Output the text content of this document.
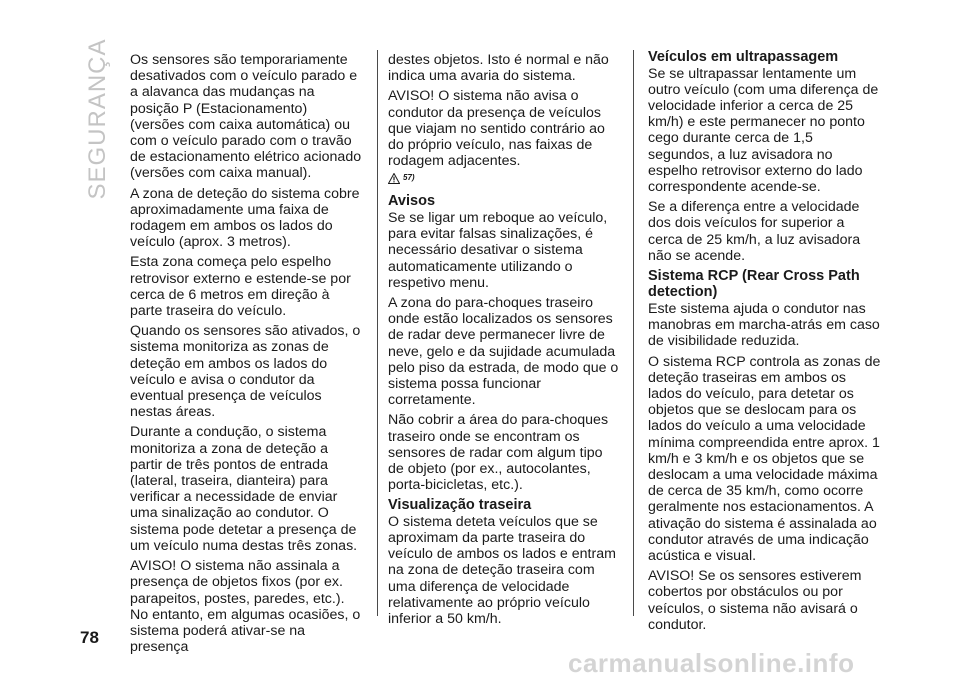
SEGURANÇA Os sensores são temporariamente desativados com o veículo parado e a alavanca das mudanças na posição P (Estacionamento) (versões com caixa automática) ou com o veículo parado com o travão de estacionamento elétrico acionado (versões com caixa manual).

A zona de deteção do sistema cobre aproximadamente uma faixa de rodagem em ambos os lados do veículo (aprox. 3 metros).

Esta zona começa pelo espelho retrovisor externo e estende-se por cerca de 6 metros em direção à parte traseira do veículo.

Quando os sensores são ativados, o sistema monitoriza as zonas de deteção em ambos os lados do veículo e avisa o condutor da eventual presença de veículos nestas áreas.

Durante a condução, o sistema monitoriza a zona de deteção a partir de três pontos de entrada (lateral, traseira, dianteira) para verificar a necessidade de enviar uma sinalização ao condutor. O sistema pode detetar a presença de um veículo numa destas três zonas.

AVISO! O sistema não assinala a presença de objetos fixos (por ex. parapeitos, postes, paredes, etc.).

No entanto, em algumas ocasiões, o sistema poderá ativar-se na presença

destes objetos. Isto é normal e não indica uma avaria do sistema.

AVISO! O sistema não avisa o condutor da presença de veículos que viajam no sentido contrário ao do próprio veículo, nas faixas de rodagem adjacentes.

57)
Avisos

Se se ligar um reboque ao veículo, para evitar falsas sinalizações, é necessário desativar o sistema automaticamente utilizando o respetivo menu.

A zona do para-choques traseiro onde estão localizados os sensores de radar deve permanecer livre de neve, gelo e da sujidade acumulada pelo piso da estrada, de modo que o sistema possa funcionar corretamente.

Não cobrir a área do para-choques traseiro onde se encontram os sensores de radar com algum tipo de objeto (por ex., autocolantes, porta-bicicletas, etc.).

Visualização traseira

O sistema deteta veículos que se aproximam da parte traseira do veículo de ambos os lados e entram na zona de deteção traseira com uma diferença de velocidade relativamente ao próprio veículo inferior a 50 km/h.

Veículos em ultrapassagem

Se se ultrapassar lentamente um outro veículo (com uma diferença de velocidade inferior a cerca de 25 km/h) e este permanecer no ponto cego durante cerca de 1,5 segundos, a luz avisadora no espelho retrovisor externo do lado correspondente acende-se.

Se a diferença entre a velocidade dos dois veículos for superior a cerca de 25 km/h, a luz avisadora não se acende.

Sistema RCP (Rear Cross Path detection)

Este sistema ajuda o condutor nas manobras em marcha-atrás em caso de visibilidade reduzida.

O sistema RCP controla as zonas de deteção traseiras em ambos os lados do veículo, para detetar os objetos que se deslocam para os lados do veículo a uma velocidade mínima compreendida entre aprox. 1 km/h e 3 km/h e os objetos que se deslocam a uma velocidade máxima de cerca de 35 km/h, como ocorre geralmente nos estacionamentos. A ativação do sistema é assinalada ao condutor através de uma indicação acústica e visual.

AVISO! Se os sensores estiverem cobertos por obstáculos ou por veículos, o sistema não avisará o condutor.

78
carmanualsonline.info
